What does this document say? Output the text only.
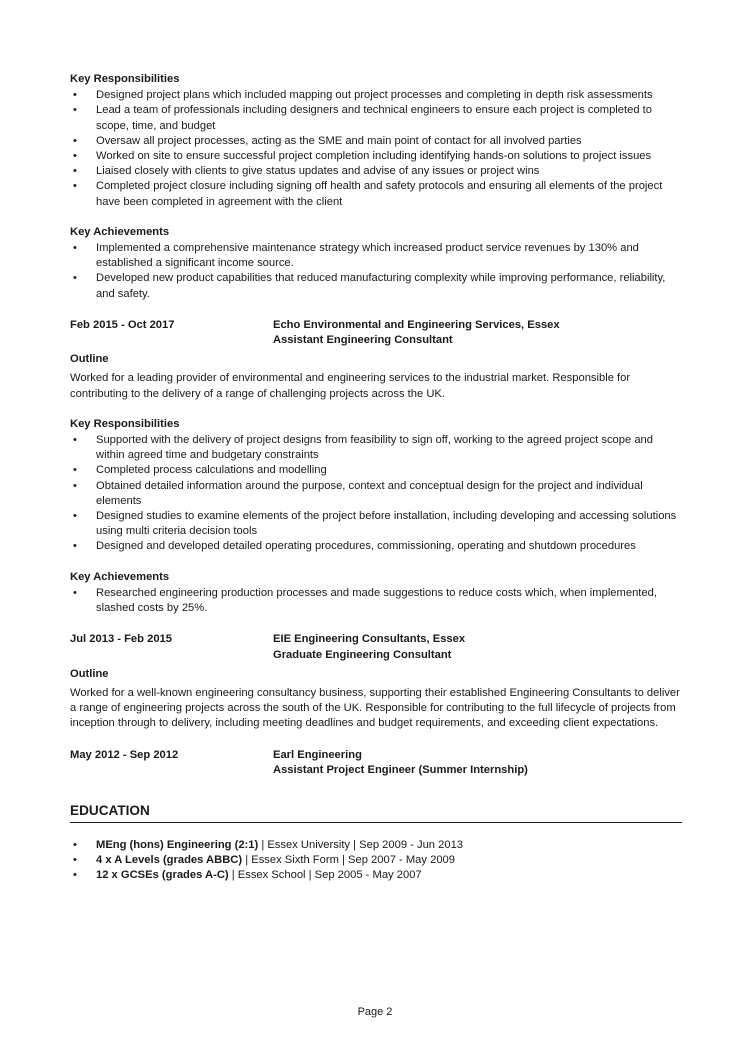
Key Responsibilities
• Designed project plans which included mapping out project processes and completing in depth risk assessments
• Lead a team of professionals including designers and technical engineers to ensure each project is completed to scope, time, and budget
• Oversaw all project processes, acting as the SME and main point of contact for all involved parties
• Worked on site to ensure successful project completion including identifying hands-on solutions to project issues
• Liaised closely with clients to give status updates and advise of any issues or project wins
• Completed project closure including signing off health and safety protocols and ensuring all elements of the project have been completed in agreement with the client
Key Achievements
• Implemented a comprehensive maintenance strategy which increased product service revenues by 130% and established a significant income source.
• Developed new product capabilities that reduced manufacturing complexity while improving performance, reliability, and safety.
Feb 2015 - Oct 2017	Echo Environmental and Engineering Services, Essex
Assistant Engineering Consultant
Outline
Worked for a leading provider of environmental and engineering services to the industrial market. Responsible for contributing to the delivery of a range of challenging projects across the UK.
Key Responsibilities
• Supported with the delivery of project designs from feasibility to sign off, working to the agreed project scope and within agreed time and budgetary constraints
• Completed process calculations and modelling
• Obtained detailed information around the purpose, context and conceptual design for the project and individual elements
• Designed studies to examine elements of the project before installation, including developing and accessing solutions using multi criteria decision tools
• Designed and developed detailed operating procedures, commissioning, operating and shutdown procedures
Key Achievements
• Researched engineering production processes and made suggestions to reduce costs which, when implemented, slashed costs by 25%.
Jul 2013 - Feb 2015	EIE Engineering Consultants, Essex
Graduate Engineering Consultant
Outline
Worked for a well-known engineering consultancy business, supporting their established Engineering Consultants to deliver a range of engineering projects across the south of the UK. Responsible for contributing to the full lifecycle of projects from inception through to delivery, including meeting deadlines and budget requirements, and exceeding client expectations.
May 2012 - Sep 2012	Earl Engineering
Assistant Project Engineer (Summer Internship)
EDUCATION
• MEng (hons) Engineering (2:1) | Essex University | Sep 2009 - Jun 2013
• 4 x A Levels (grades ABBC) | Essex Sixth Form | Sep 2007 - May 2009
• 12 x GCSEs (grades A-C) | Essex School | Sep 2005 - May 2007
Page 2
